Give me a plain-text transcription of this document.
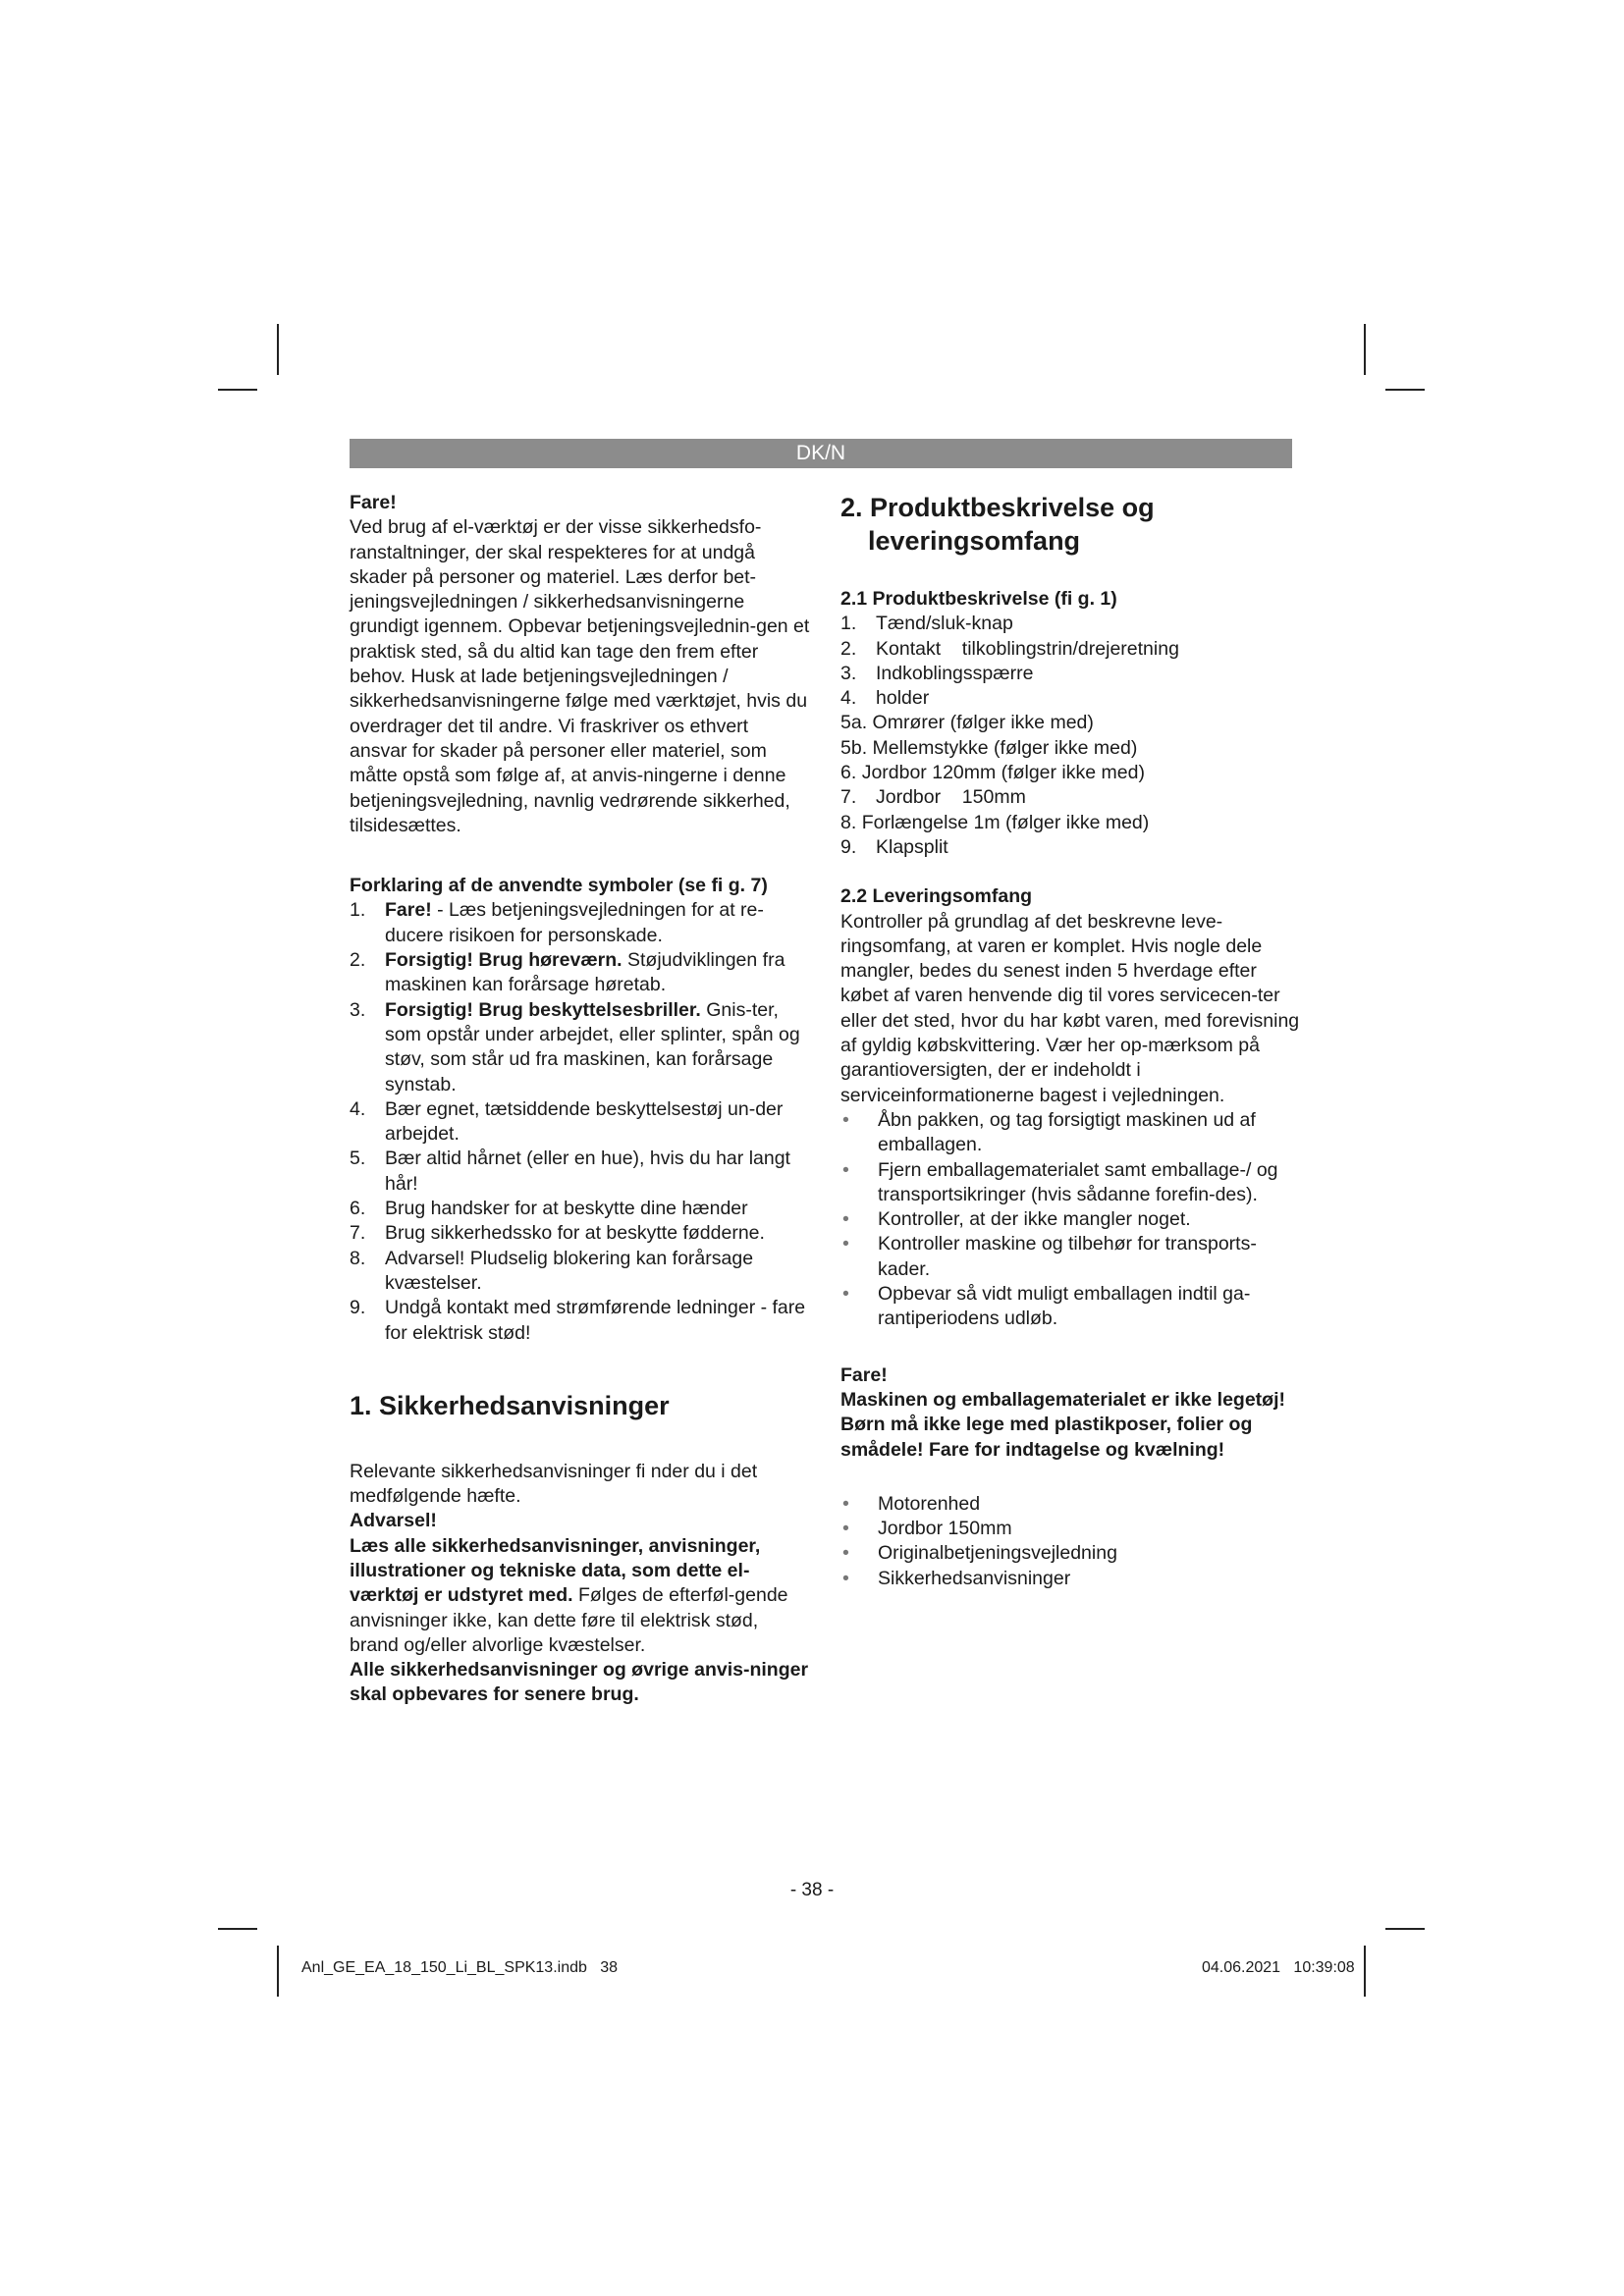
DK/N

Fare!

Ved brug af el-værktøj er der visse sikkerhedsfo-ranstaltninger, der skal respekteres for at undgå skader på personer og materiel. Læs derfor bet-jeningsvejledningen / sikkerhedsanvisningerne grundigt igennem. Opbevar betjeningsvejlednin-gen et praktisk sted, så du altid kan tage den frem efter behov. Husk at lade betjeningsvejledningen / sikkerhedsanvisningerne følge med værktøjet, hvis du overdrager det til andre. Vi fraskriver os ethvert ansvar for skader på personer eller materiel, som måtte opstå som følge af, at anvis-ningerne i denne betjeningsvejledning, navnlig vedrørende sikkerhed, tilsidesættes.

Forklaring af de anvendte symboler (se fi g. 7)

1. Fare! - Læs betjeningsvejledningen for at re-ducere risikoen for personskade.
2. Forsigtig! Brug høreværn. Støjudviklingen fra maskinen kan forårsage høretab.
3. Forsigtig! Brug beskyttelsesbriller. Gnis-ter, som opstår under arbejdet, eller splinter, spån og støv, som står ud fra maskinen, kan forårsage synstab.
4. Bær egnet, tætsiddende beskyttelsestøj un-der arbejdet.
5. Bær altid hårnet (eller en hue), hvis du har langt hår!
6. Brug handsker for at beskytte dine hænder
7. Brug sikkerhedssko for at beskytte fødderne.
8. Advarsel! Pludselig blokering kan forårsage kvæstelser.
9. Undgå kontakt med strømførende ledninger - fare for elektrisk stød!
1. Sikkerhedsanvisninger

Relevante sikkerhedsanvisninger fi nder du i det medfølgende hæfte.

Advarsel!

Læs alle sikkerhedsanvisninger, anvisninger, illustrationer og tekniske data, som dette el-værktøj er udstyret med. Følges de efterføl-gende anvisninger ikke, kan dette føre til elektrisk stød, brand og/eller alvorlige kvæstelser.

Alle sikkerhedsanvisninger og øvrige anvis-ninger skal opbevares for senere brug.

2. Produktbeskrivelse og
leveringsomfang

2.1 Produktbeskrivelse (fi g. 1)

1. Tænd/sluk-knap
2. Kontakt    tilkoblingstrin/drejeretning
3. Indkoblingsspærre
4. holder
5a. Omrører (følger ikke med)
5b. Mellemstykke (følger ikke med)
6. Jordbor 120mm (følger ikke med)
7. Jordbor    150mm
8. Forlængelse 1m (følger ikke med)
9. Klapsplit

2.2 Leveringsomfang

Kontroller på grundlag af det beskrevne leve-ringsomfang, at varen er komplet. Hvis nogle dele mangler, bedes du senest inden 5 hverdage efter købet af varen henvende dig til vores servicecen-ter eller det sted, hvor du har købt varen, med forevisning af gyldig købskvittering. Vær her op-mærksom på garantioversigten, der er indeholdt i serviceinformationerne bagest i vejledningen.

• Åbn pakken, og tag forsigtigt maskinen ud af emballagen.
• Fjern emballagematerialet samt emballage-/ og transportsikringer (hvis sådanne forefin-des).
• Kontroller, at der ikke mangler noget.
• Kontroller maskine og tilbehør for transports-kader.
• Opbevar så vidt muligt emballagen indtil ga-rantiperiodens udløb.

Fare!

Maskinen og emballagematerialet er ikke legetøj! Børn må ikke lege med plastikposer, folier og smådele! Fare for indtagelse og kvælning!

• Motorenhed
• Jordbor 150mm
• Originalbetjeningsvejledning
• Sikkerhedsanvisninger
- 38 -
Anl_GE_EA_18_150_Li_BL_SPK13.indb   38	04.06.2021   10:39:08
